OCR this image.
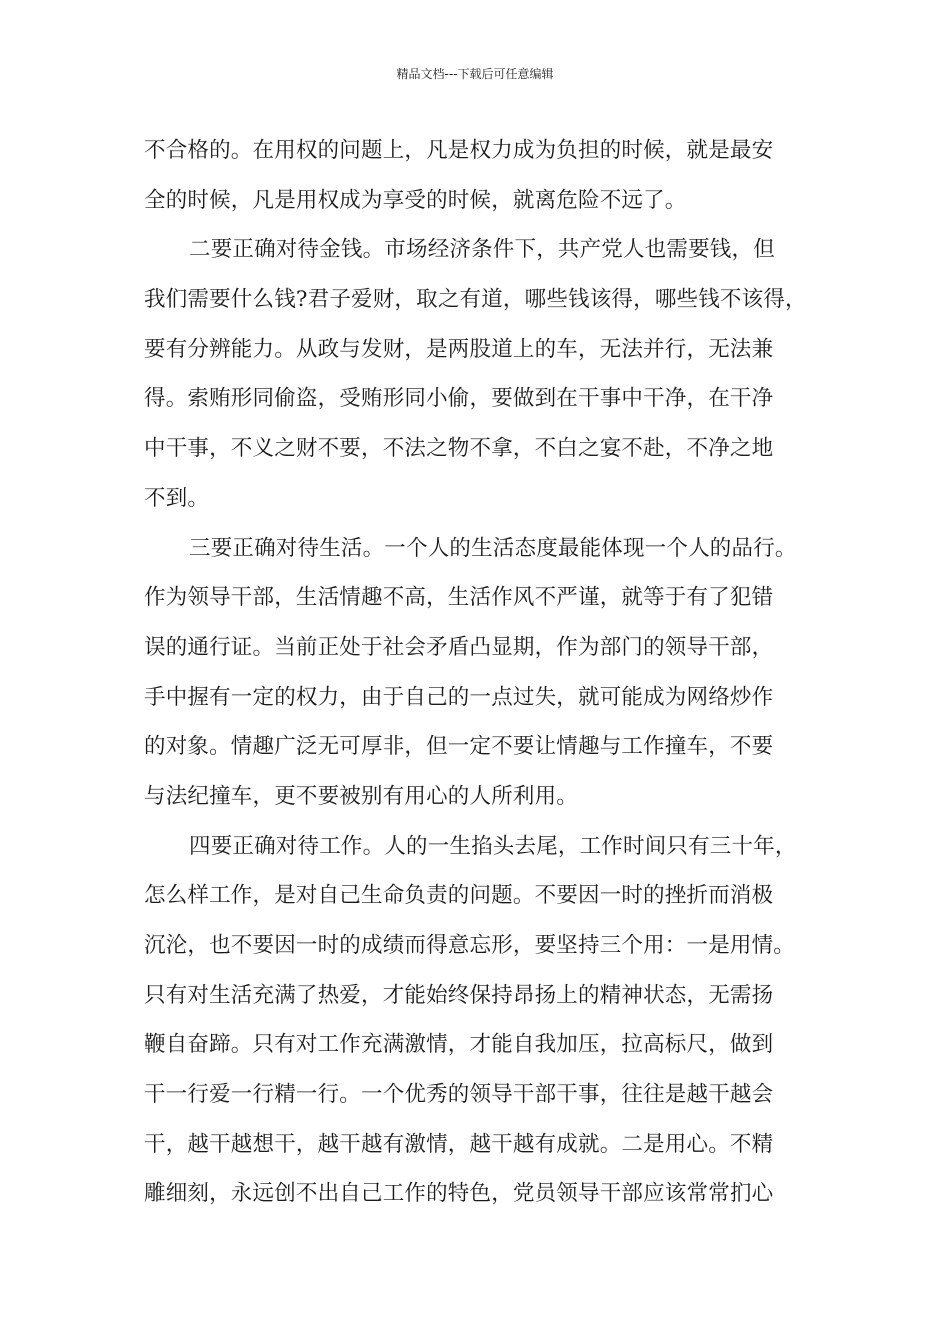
精品文档---下载后可任意编辑
不合格的。在用权的问题上，凡是权力成为负担的时候，就是最安
全的时候，凡是用权成为享受的时候，就离危险不远了。
二要正确对待金钱。市场经济条件下，共产党人也需要钱，但
我们需要什么钱?君子爱财，取之有道，哪些钱该得，哪些钱不该得，
要有分辨能力。从政与发财，是两股道上的车，无法并行，无法兼
得。索贿形同偷盗，受贿形同小偷，要做到在干事中干净，在干净
中干事，不义之财不要，不法之物不拿，不白之宴不赴，不净之地
不到。
三要正确对待生活。一个人的生活态度最能体现一个人的品行。
作为领导干部，生活情趣不高，生活作风不严谨，就等于有了犯错
误的通行证。当前正处于社会矛盾凸显期，作为部门的领导干部，
手中握有一定的权力，由于自己的一点过失，就可能成为网络炒作
的对象。情趣广泛无可厚非，但一定不要让情趣与工作撞车，不要
与法纪撞车，更不要被别有用心的人所利用。
四要正确对待工作。人的一生掐头去尾，工作时间只有三十年，
怎么样工作，是对自己生命负责的问题。不要因一时的挫折而消极
沉沦，也不要因一时的成绩而得意忘形，要坚持三个用：一是用情。
只有对生活充满了热爱，才能始终保持昂扬上的精神状态，无需扬
鞭自奋蹄。只有对工作充满激情，才能自我加压，拉高标尺，做到
干一行爱一行精一行。一个优秀的领导干部干事，往往是越干越会
干，越干越想干，越干越有激情，越干越有成就。二是用心。不精
雕细刻，永远创不出自己工作的特色，党员领导干部应该常常扪心
